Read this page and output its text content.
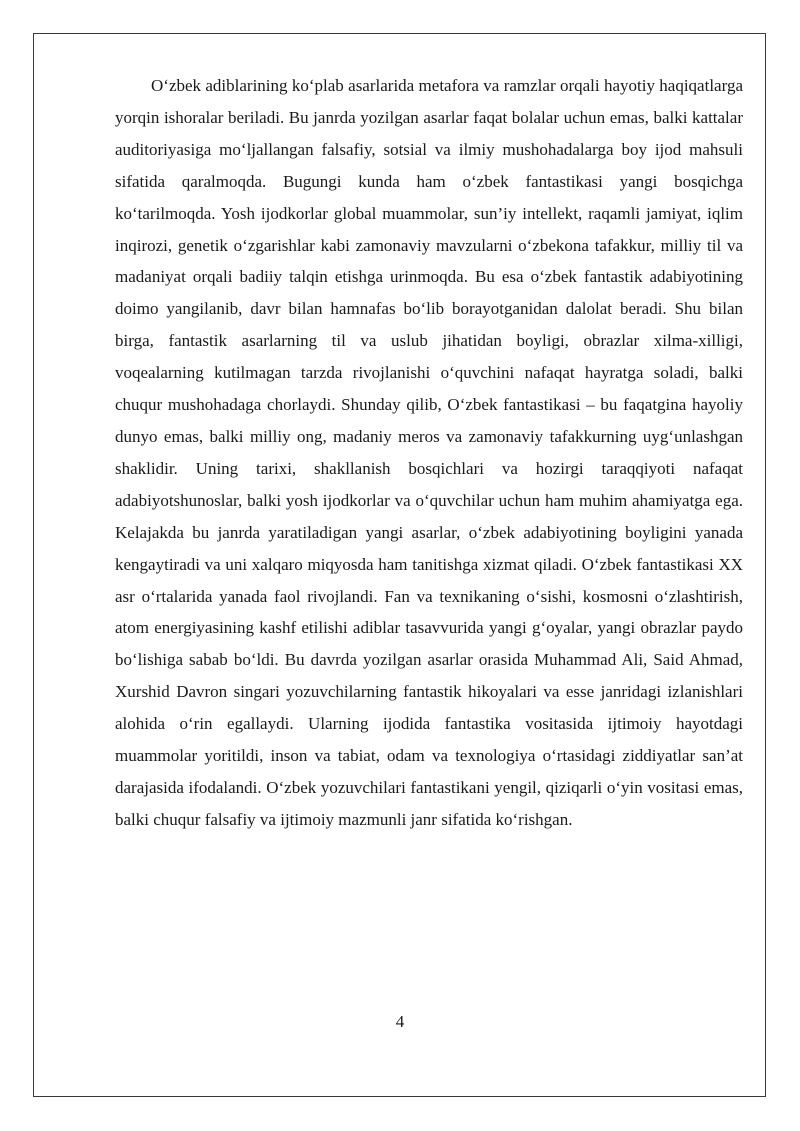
O‘zbek adiblarining ko‘plab asarlarida metafora va ramzlar orqali hayotiy haqiqatlarga yorqin ishoralar beriladi. Bu janrda yozilgan asarlar faqat bolalar uchun emas, balki kattalar auditoriyasiga mo‘ljallangan falsafiy, sotsial va ilmiy mushohadalarga boy ijod mahsuli sifatida qaralmoqda. Bugungi kunda ham o‘zbek fantastikasi yangi bosqichga ko‘tarilmoqda. Yosh ijodkorlar global muammolar, sun’iy intellekt, raqamli jamiyat, iqlim inqirozi, genetik o‘zgarishlar kabi zamonaviy mavzularni o‘zbekona tafakkur, milliy til va madaniyat orqali badiiy talqin etishga urinmoqda. Bu esa o‘zbek fantastik adabiyotining doimo yangilanib, davr bilan hamnafas bo‘lib borayotganidan dalolat beradi. Shu bilan birga, fantastik asarlarning til va uslub jihatidan boyligi, obrazlar xilma-xilligi, voqealarning kutilmagan tarzda rivojlanishi o‘quvchini nafaqat hayratga soladi, balki chuqur mushohadaga chorlaydi. Shunday qilib, O‘zbek fantastikasi – bu faqatgina hayoliy dunyo emas, balki milliy ong, madaniy meros va zamonaviy tafakkurning uyg‘unlashgan shaklidir. Uning tarixi, shakllanish bosqichlari va hozirgi taraqqiyoti nafaqat adabiyotshunoslar, balki yosh ijodkorlar va o‘quvchilar uchun ham muhim ahamiyatga ega. Kelajakda bu janrda yaratiladigan yangi asarlar, o‘zbek adabiyotining boyligini yanada kengaytiradi va uni xalqaro miqyosda ham tanitishga xizmat qiladi. O‘zbek fantastikasi XX asr o‘rtalarida yanada faol rivojlandi. Fan va texnikaning o‘sishi, kosmosni o‘zlashtirish, atom energiyasining kashf etilishi adiblar tasavvurida yangi g‘oyalar, yangi obrazlar paydo bo‘lishiga sabab bo‘ldi. Bu davrda yozilgan asarlar orasida Muhammad Ali, Said Ahmad, Xurshid Davron singari yozuvchilarning fantastik hikoyalari va esse janridagi izlanishlari alohida o‘rin egallaydi. Ularning ijodida fantastika vositasida ijtimoiy hayotdagi muammolar yoritildi, inson va tabiat, odam va texnologiya o‘rtasidagi ziddiyatlar san’at darajasida ifodalandi. O‘zbek yozuvchilari fantastikani yengil, qiziqarli o‘yin vositasi emas, balki chuqur falsafiy va ijtimoiy mazmunli janr sifatida ko‘rishgan.

4
